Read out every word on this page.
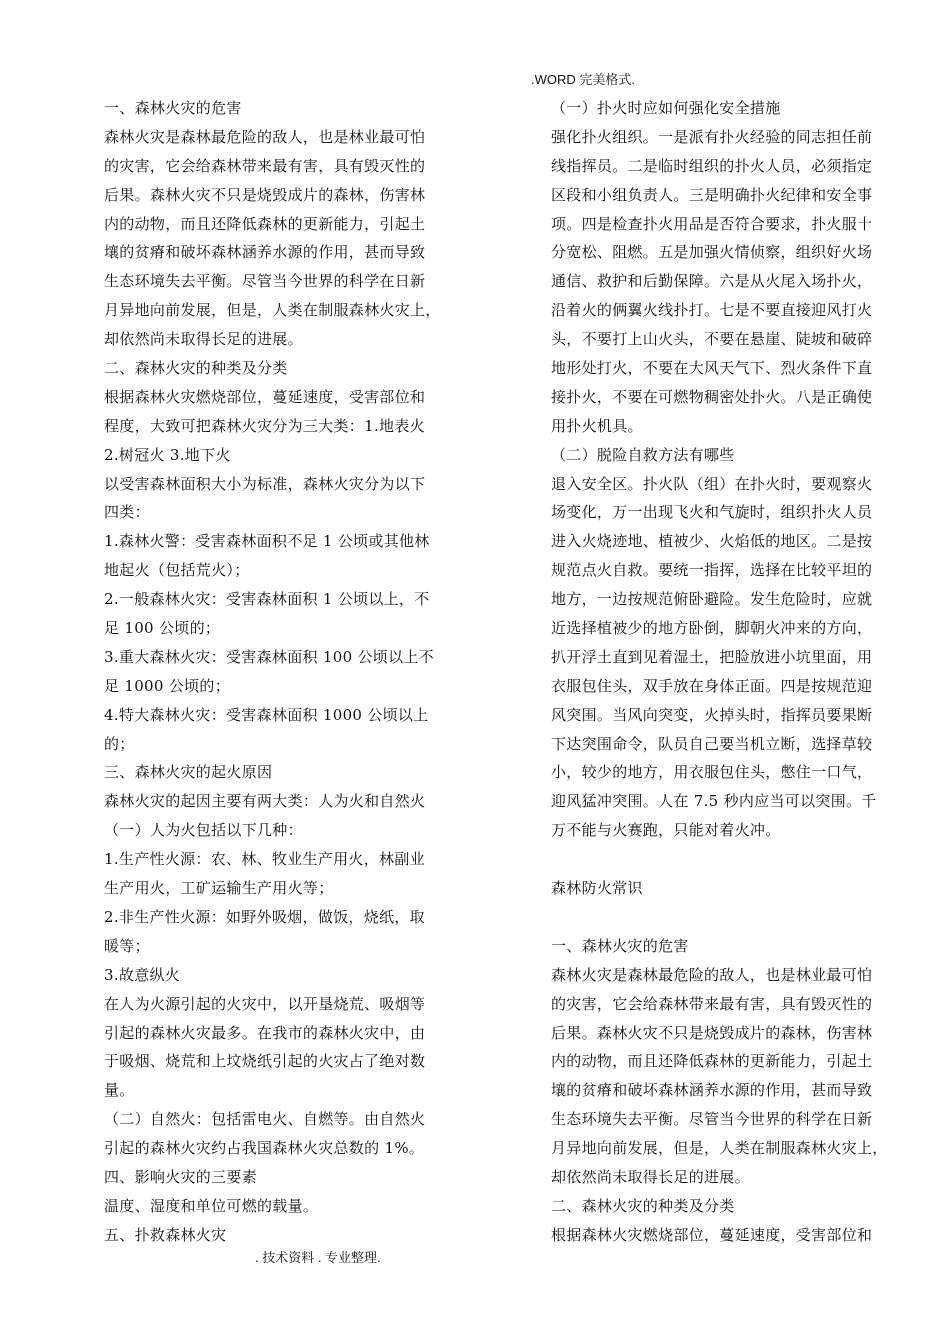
.WORD 完美格式.
一、森林火灾的危害
森林火灾是森林最危险的敌人，也是林业最可怕
的灾害，它会给森林带来最有害，具有毁灭性的
后果。森林火灾不只是烧毁成片的森林，伤害林
内的动物，而且还降低森林的更新能力，引起土
壤的贫瘠和破坏森林涵养水源的作用，甚而导致
生态环境失去平衡。尽管当今世界的科学在日新
月异地向前发展，但是，人类在制服森林火灾上，
却依然尚未取得长足的进展。
二、森林火灾的种类及分类
根据森林火灾燃烧部位，蔓延速度，受害部位和
程度，大致可把森林火灾分为三大类：1.地表火
2.树冠火 3.地下火
以受害森林面积大小为标准，森林火灾分为以下
四类：
1.森林火警：受害森林面积不足 1 公顷或其他林
地起火（包括荒火）；
2.一般森林火灾：受害森林面积 1 公顷以上，不
足 100 公顷的；
3.重大森林火灾：受害森林面积 100 公顷以上不
足 1000 公顷的；
4.特大森林火灾：受害森林面积 1000 公顷以上
的；
三、森林火灾的起火原因
森林火灾的起因主要有两大类：人为火和自然火
（一）人为火包括以下几种：
1.生产性火源：农、林、牧业生产用火，林副业
生产用火，工矿运输生产用火等；
2.非生产性火源：如野外吸烟，做饭，烧纸，取
暖等；
3.故意纵火
在人为火源引起的火灾中，以开垦烧荒、吸烟等
引起的森林火灾最多。在我市的森林火灾中，由
于吸烟、烧荒和上坟烧纸引起的火灾占了绝对数
量。
（二）自然火：包括雷电火、自燃等。由自然火
引起的森林火灾约占我国森林火灾总数的 1%。
四、影响火灾的三要素
温度、湿度和单位可燃的载量。
五、扑救森林火灾
（一）扑火时应如何强化安全措施
强化扑火组织。一是派有扑火经验的同志担任前
线指挥员。二是临时组织的扑火人员，必须指定
区段和小组负责人。三是明确扑火纪律和安全事
项。四是检查扑火用品是否符合要求，扑火服十
分宽松、阻燃。五是加强火情侦察，组织好火场
通信、救护和后勤保障。六是从火尾入场扑火，
沿着火的俩翼火线扑打。七是不要直接迎风打火
头，不要打上山火头，不要在悬崖、陡坡和破碎
地形处打火，不要在大风天气下、烈火条件下直
接扑火，不要在可燃物稠密处扑火。八是正确使
用扑火机具。
（二）脱险自救方法有哪些
退入安全区。扑火队（组）在扑火时，要观察火
场变化，万一出现飞火和气旋时，组织扑火人员
进入火烧迹地、植被少、火焰低的地区。二是按
规范点火自救。要统一指挥，选择在比较平坦的
地方，一边按规范俯卧避险。发生危险时，应就
近选择植被少的地方卧倒，脚朝火冲来的方向，
扒开浮土直到见着湿土，把脸放进小坑里面，用
衣服包住头，双手放在身体正面。四是按规范迎
风突围。当风向突变，火掉头时，指挥员要果断
下达突围命令，队员自己要当机立断，选择草较
小，较少的地方，用衣服包住头，憋住一口气，
迎风猛冲突围。人在 7.5 秒内应当可以突围。千
万不能与火赛跑，只能对着火冲。
森林防火常识
一、森林火灾的危害
森林火灾是森林最危险的敌人，也是林业最可怕
的灾害，它会给森林带来最有害，具有毁灭性的
后果。森林火灾不只是烧毁成片的森林，伤害林
内的动物，而且还降低森林的更新能力，引起土
壤的贫瘠和破坏森林涵养水源的作用，甚而导致
生态环境失去平衡。尽管当今世界的科学在日新
月异地向前发展，但是，人类在制服森林火灾上，
却依然尚未取得长足的进展。
二、森林火灾的种类及分类
根据森林火灾燃烧部位，蔓延速度，受害部位和
. 技术资料 . 专业整理.
